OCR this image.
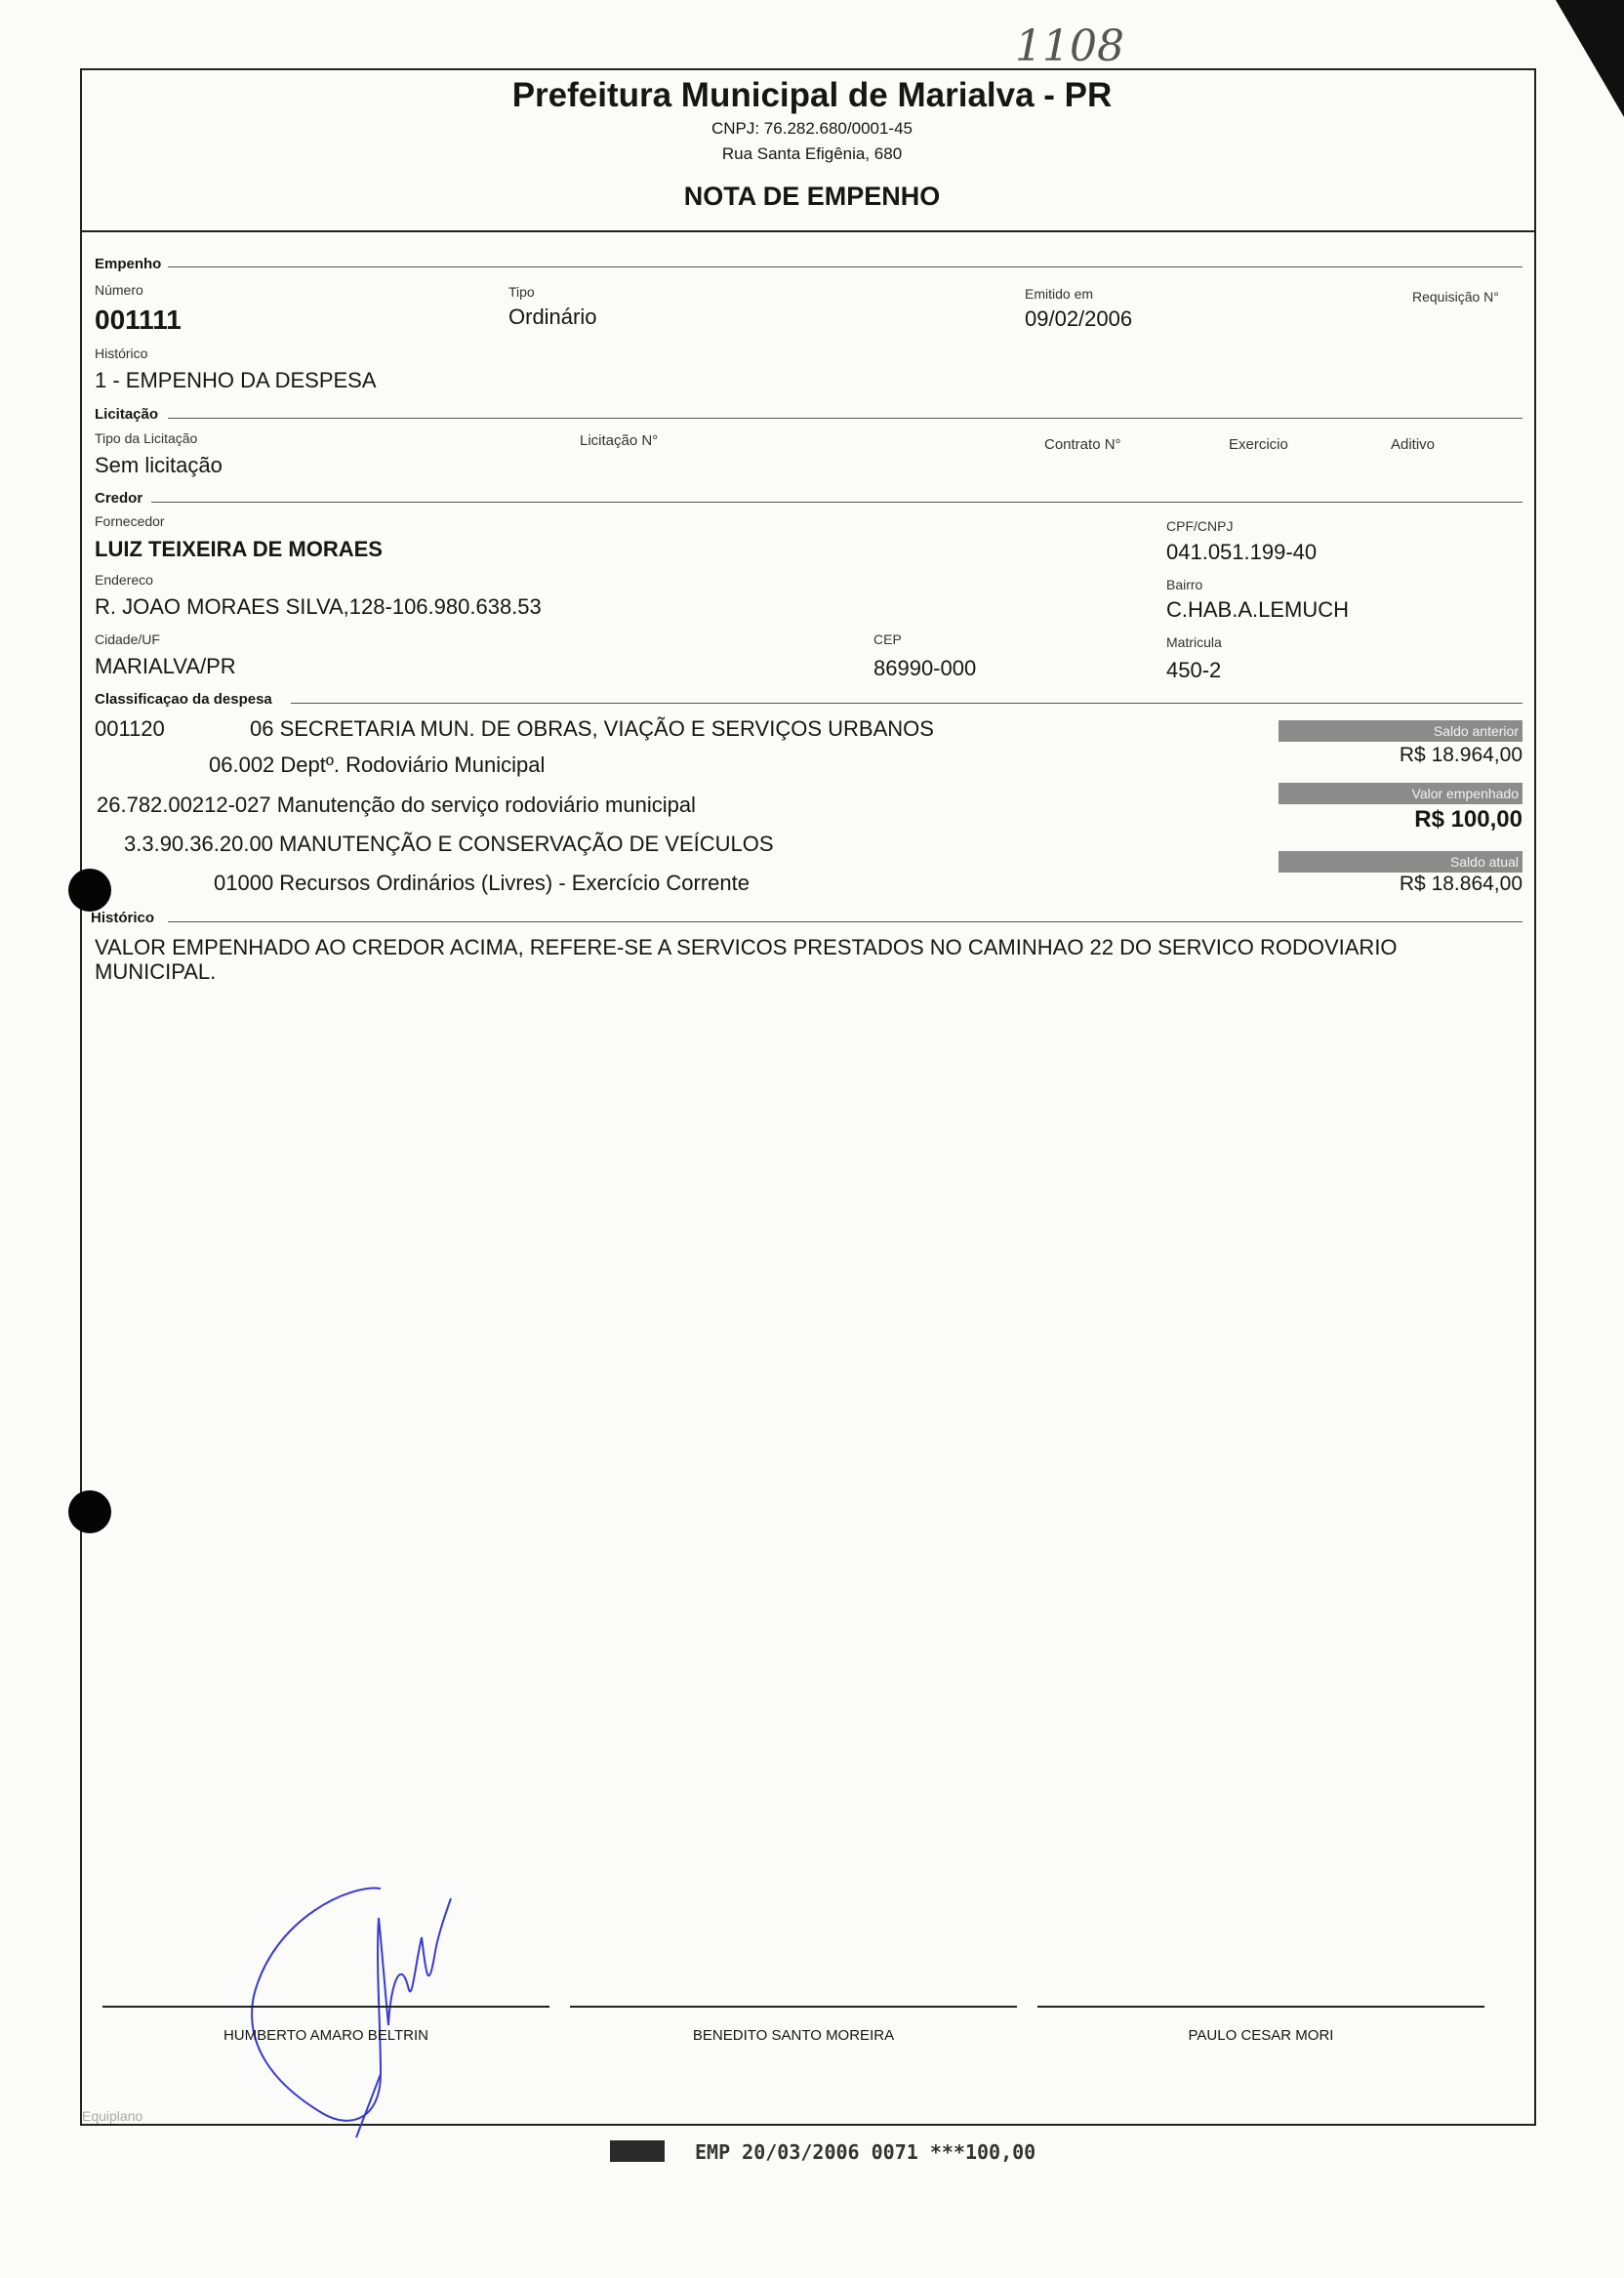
1108
Prefeitura Municipal de Marialva - PR
CNPJ: 76.282.680/0001-45
Rua Santa Efigênia, 680
NOTA DE EMPENHO
Empenho
Número
001111
Tipo
Ordinário
Emitido em
09/02/2006
Requisição N°
Histórico
1 - EMPENHO DA DESPESA
Licitação
Tipo da Licitação
Sem licitação
Licitação N°	Contrato N°	Exercicio	Aditivo
Credor
Fornecedor
LUIZ TEIXEIRA DE MORAES
CPF/CNPJ
041.051.199-40
Endereco
R. JOAO MORAES SILVA,128-106.980.638.53
Bairro
C.HAB.A.LEMUCH
Cidade/UF
MARIALVA/PR
CEP
86990-000
Matricula
450-2
Classificaçao da despesa
001120	06 SECRETARIA MUN. DE OBRAS, VIAÇÃO E SERVIÇOS URBANOS
06.002 Deptº. Rodoviário Municipal
26.782.00212-027 Manutenção do serviço rodoviário municipal
3.3.90.36.20.00 MANUTENÇÃO E CONSERVAÇÃO DE VEÍCULOS
01000 Recursos Ordinários (Livres) - Exercício Corrente
Saldo anterior
R$ 18.964,00
Valor empenhado
R$ 100,00
Saldo atual
R$ 18.864,00
Histórico
VALOR EMPENHADO AO CREDOR ACIMA, REFERE-SE A SERVICOS PRESTADOS NO CAMINHAO 22 DO SERVICO RODOVIARIO MUNICIPAL.
HUMBERTO AMARO BELTRIN	BENEDITO SANTO MOREIRA	PAULO CESAR MORI
Equiplano
EMP 20/03/2006 0071 ***100,00
